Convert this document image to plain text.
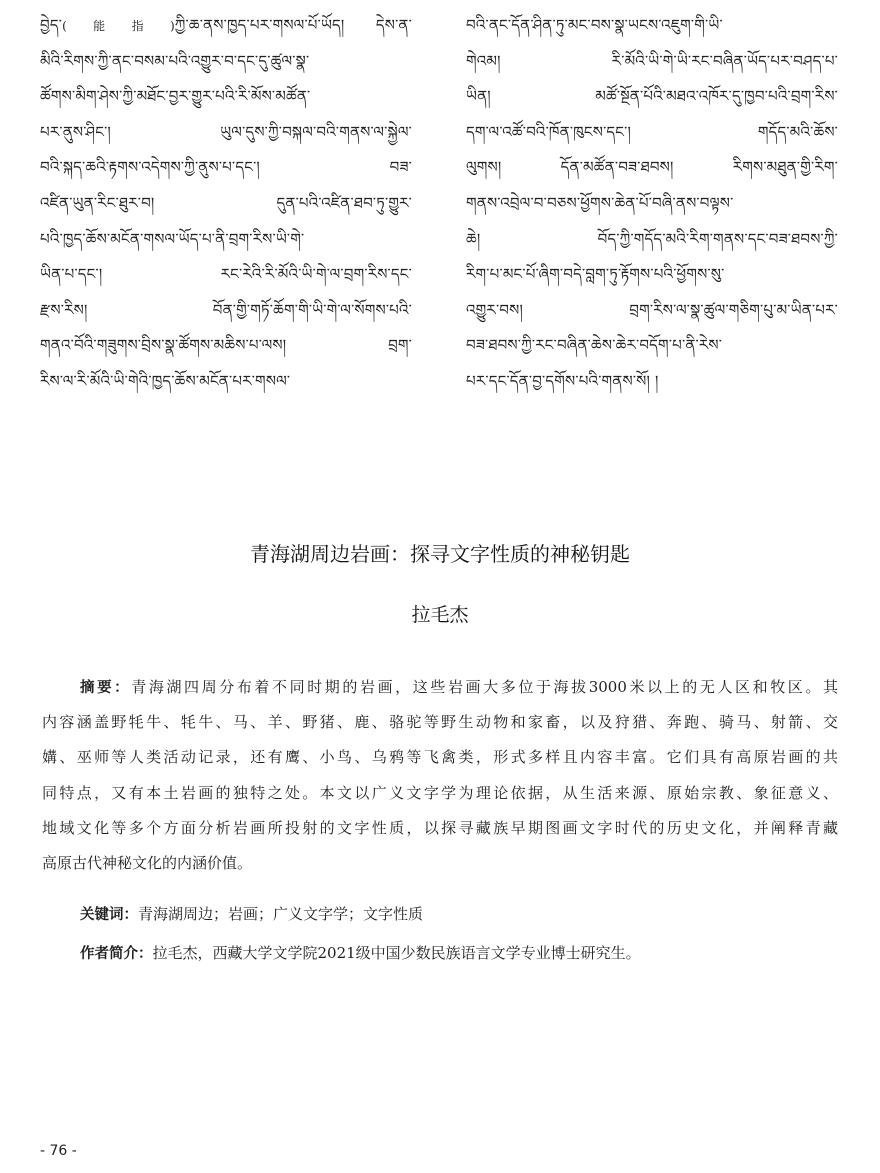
བྱེད་(能指)ཀྱི་ཆ་ནས་ཁྱད་པར་གསལ་པོ་ཡོད། དེས་ན་
མིའི་རིགས་ཀྱི་ནང་བསམ་པའི་འགྱུར་བ་དང་དུ་ཚུལ་སྣ་
ཚོགས་མིག་ཤེས་ཀྱི་མཐོང་བྱར་གྱུར་པའི་རི་མོས་མཚོན་
པར་ནུས་ཤིང་། ཡུལ་དུས་ཀྱི་བསྐལ་བའི་གནས་ལ་སྐྱེལ་
བའི་སྐད་ཆའི་རྟགས་འདེགས་ཀྱི་ནུས་པ་དང་། བཟ་
འཛིན་ཡུན་རིང་ཐུར་བ། དུན་པའི་འཛིན་ཐབ་ཏུ་གྱུར་
པའི་ཁྱད་ཆོས་མངོན་གསལ་ཡོད་པ་ནི་བྲག་རིས་ཡི་གེ་
ཡིན་པ་དང་། རང་རེའི་རི་མོའི་ཡི་གེ་ལ་བྲག་རིས་དང་
རྫས་རིས། བོན་གྱི་གཏོ་ཆོག་གི་ཡི་གེ་ལ་སོགས་པའི་
གནའ་བོའི་གཟུགས་བྲིས་སྣ་ཚོགས་མཆིས་པ་ལས། བྲག་
རིས་ལ་རི་མོའི་ཡི་གེའི་ཁྱད་ཆོས་མངོན་པར་གསལ་
བའི་ནང་དོན་ཤིན་ཏུ་མང་བས་སྣ་ཡངས་འཇུག་གི་ཡི་
གེའམ། རི་མོའི་ཡི་གེ་ཡི་རང་བཞིན་ཡོད་པར་བཤད་པ་
ཡིན། མཚོ་སྔོན་པོའི་མཐའ་འཁོར་དུ་ཁྱབ་པའི་བྲག་རིས་
དག་ལ་འཚོ་བའི་ཁོན་ཁུངས་དང་། གདོད་མའི་ཆོས་
ལུགས། དོན་མཚོན་བཟ་ཐབས། རིགས་མཐུན་གྱི་རིག་
གནས་འབྲེལ་བ་བཅས་ཕྱོགས་ཆེན་པོ་བཞི་ནས་བལྟས་
ཆེ། བོད་ཀྱི་གདོད་མའི་རིག་གནས་དང་བཟ་ཐབས་ཀྱི་
རིག་པ་མང་པོ་ཞིག་བདེ་བླག་ཏུ་རྟོགས་པའི་ཕྱོགས་སུ་
འགྱུར་བས། བྲག་རིས་ལ་སྣ་ཚུལ་གཅིག་པུ་མ་ཡིན་པར་
བཟ་ཐབས་ཀྱི་རང་བཞིན་ཆེས་ཆེར་བདོག་པ་ནི་རེས་
པར་དང་དོན་བྱ་དགོས་པའི་གནས་སོ། །
青海湖周边岩画：探寻文字性质的神秘钥匙
拉毛杰
摘要：青海湖四周分布着不同时期的岩画，这些岩画大多位于海拔3000米以上的无人区和牧区。其
内容涵盖野牦牛、牦牛、马、羊、野猪、鹿、骆驼等野生动物和家畜，以及狩猎、奔跑、骑马、射箭、交
媾、巫师等人类活动记录，还有鹰、小鸟、乌鸦等飞禽类，形式多样且内容丰富。它们具有高原岩画的共
同特点，又有本土岩画的独特之处。本文以广义文字学为理论依据，从生活来源、原始宗教、象征意义、
地域文化等多个方面分析岩画所投射的文字性质，以探寻藏族早期图画文字时代的历史文化，并阐释青藏
高原古代神秘文化的内涵价值。
关键词：青海湖周边；岩画；广义文字学；文字性质
作者简介：拉毛杰，西藏大学文学院2021级中国少数民族语言文学专业博士研究生。
- 76 -
